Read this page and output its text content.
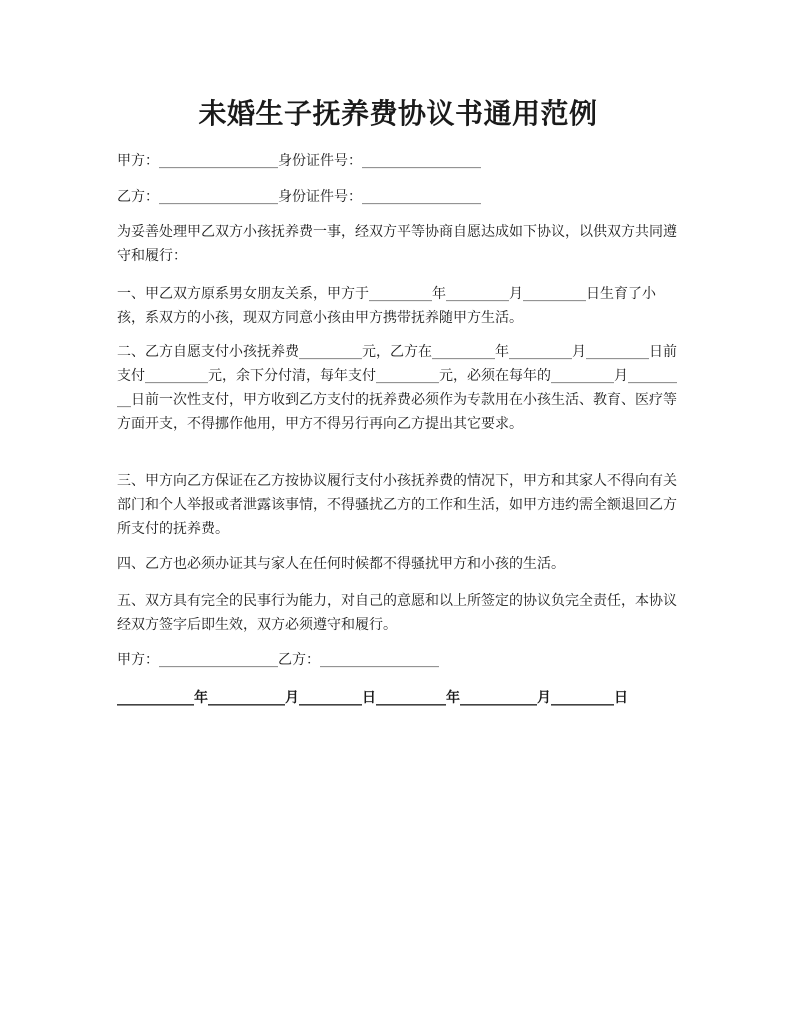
未婚生子抚养费协议书通用范例

甲方：_________________身份证件号：_________________

乙方：_________________身份证件号：_________________

为妥善处理甲乙双方小孩抚养费一事，经双方平等协商自愿达成如下协议，以供双方共同遵守和履行：

一、甲乙双方原系男女朋友关系，甲方于_________年_________月_________日生育了小孩，系双方的小孩，现双方同意小孩由甲方携带抚养随甲方生活。

二、乙方自愿支付小孩抚养费_________元，乙方在_________年_________月_________日前支付_________元，余下分付清，每年支付_________元，必须在每年的_________月_________日前一次性支付，甲方收到乙方支付的抚养费必须作为专款用在小孩生活、教育、医疗等方面开支，不得挪作他用，甲方不得另行再向乙方提出其它要求。

三、甲方向乙方保证在乙方按协议履行支付小孩抚养费的情况下，甲方和其家人不得向有关部门和个人举报或者泄露该事情，不得骚扰乙方的工作和生活，如甲方违约需全额退回乙方所支付的抚养费。

四、乙方也必须办证其与家人在任何时候都不得骚扰甲方和小孩的生活。

五、双方具有完全的民事行为能力，对自己的意愿和以上所签定的协议负完全责任，本协议经双方签字后即生效，双方必须遵守和履行。

甲方：_________________乙方：_________________

___________年___________月_________日__________年___________月_________日
